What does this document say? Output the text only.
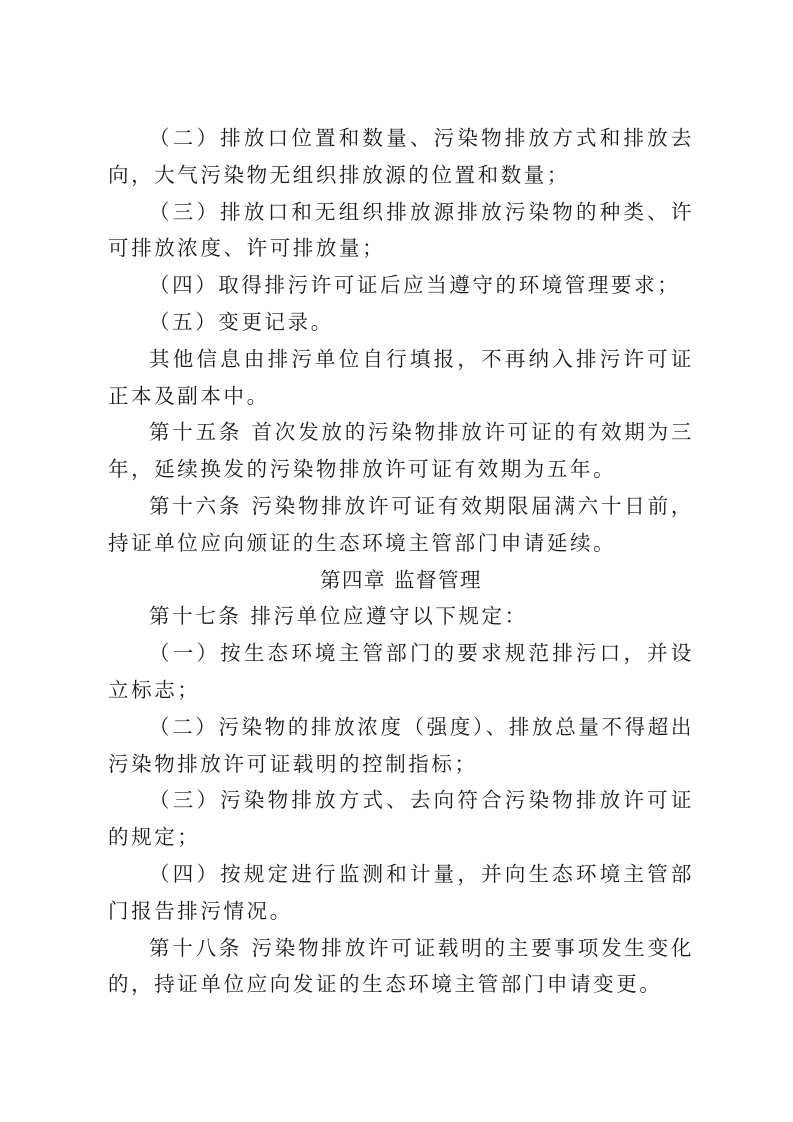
（二）排放口位置和数量、污染物排放方式和排放去向，大气污染物无组织排放源的位置和数量；

（三）排放口和无组织排放源排放污染物的种类、许可排放浓度、许可排放量；

（四）取得排污许可证后应当遵守的环境管理要求；

（五）变更记录。

其他信息由排污单位自行填报，不再纳入排污许可证正本及副本中。

第十五条 首次发放的污染物排放许可证的有效期为三年，延续换发的污染物排放许可证有效期为五年。

第十六条 污染物排放许可证有效期限届满六十日前，持证单位应向颁证的生态环境主管部门申请延续。

第四章 监督管理

第十七条 排污单位应遵守以下规定：

（一）按生态环境主管部门的要求规范排污口，并设立标志；

（二）污染物的排放浓度（强度）、排放总量不得超出污染物排放许可证载明的控制指标；

（三）污染物排放方式、去向符合污染物排放许可证的规定；

（四）按规定进行监测和计量，并向生态环境主管部门报告排污情况。

第十八条 污染物排放许可证载明的主要事项发生变化的，持证单位应向发证的生态环境主管部门申请变更。
